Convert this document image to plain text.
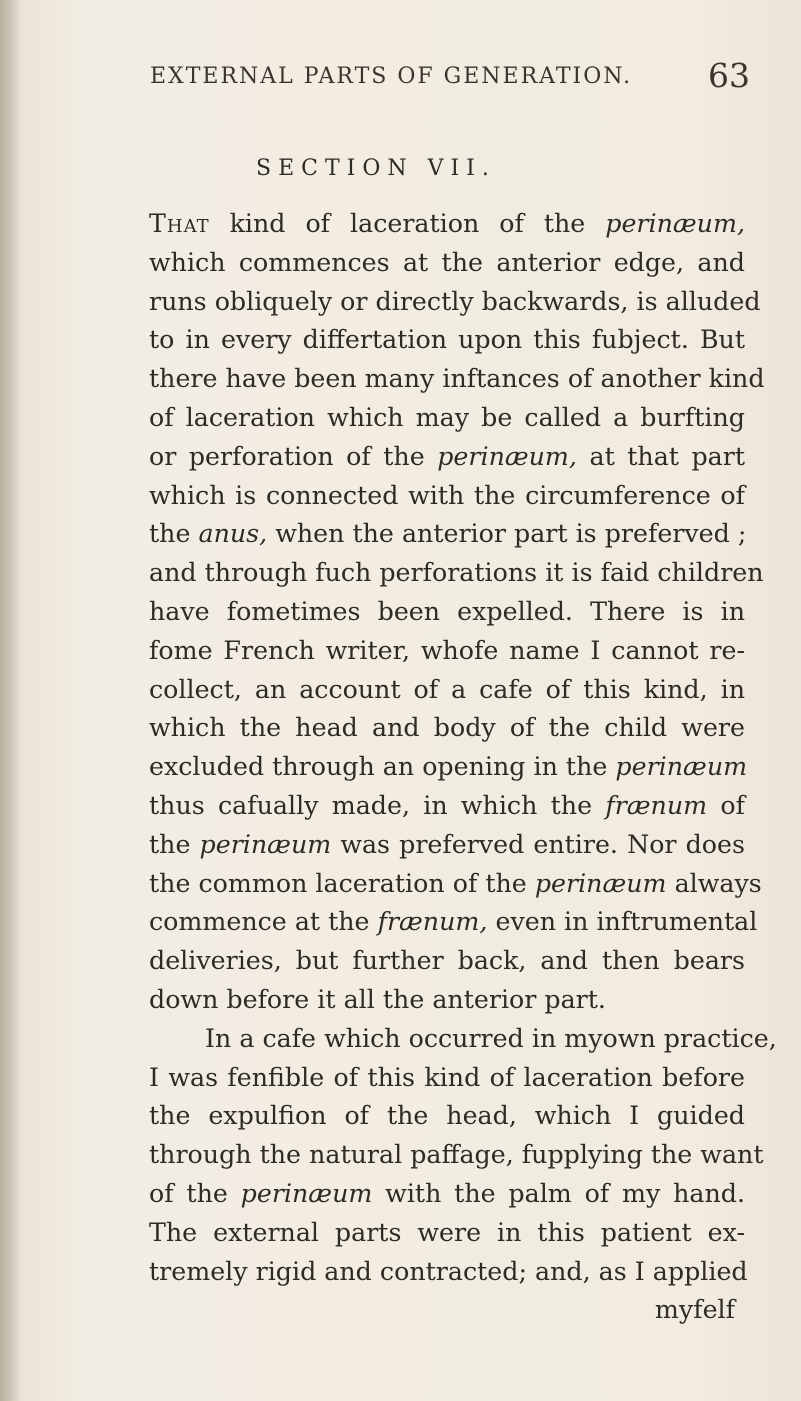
EXTERNAL PARTS OF GENERATION. 63
SECTION VII.
That kind of laceration of the perinæum,
which commences at the anterior edge, and
runs obliquely or directly backwards, is alluded
to in every differtation upon this fubject. But
there have been many inftances of another kind
of laceration which may be called a burfting
or perforation of the perinæum, at that part
which is connected with the circumference of
the anus, when the anterior part is preferved ;
and through fuch perforations it is faid children
have fometimes been expelled. There is in
fome French writer, whofe name I cannot re-
collect, an account of a cafe of this kind, in
which the head and body of the child were
excluded through an opening in the perinæum
thus cafually made, in which the frænum of
the perinæum was preferved entire. Nor does
the common laceration of the perinæum always
commence at the frænum, even in inftrumental
deliveries, but further back, and then bears
down before it all the anterior part.
In a cafe which occurred in myown practice,
I was fenfible of this kind of laceration before
the expulfion of the head, which I guided
through the natural paffage, fupplying the want
of the perinæum with the palm of my hand.
The external parts were in this patient ex-
tremely rigid and contracted; and, as I applied
myfelf
